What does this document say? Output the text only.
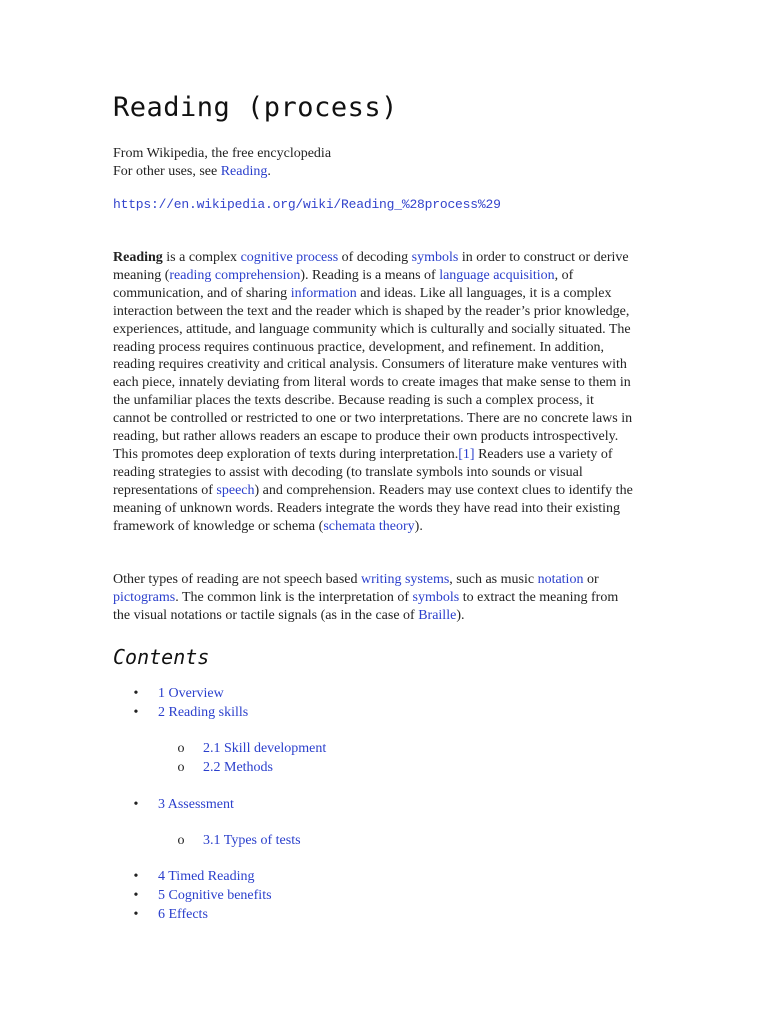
Reading (process)
From Wikipedia, the free encyclopedia
For other uses, see Reading.
https://en.wikipedia.org/wiki/Reading_%28process%29

Reading is a complex cognitive process of decoding symbols in order to construct or derive meaning (reading comprehension). Reading is a means of language acquisition, of communication, and of sharing information and ideas. Like all languages, it is a complex interaction between the text and the reader which is shaped by the reader’s prior knowledge, experiences, attitude, and language community which is culturally and socially situated. The reading process requires continuous practice, development, and refinement. In addition, reading requires creativity and critical analysis. Consumers of literature make ventures with each piece, innately deviating from literal words to create images that make sense to them in the unfamiliar places the texts describe. Because reading is such a complex process, it cannot be controlled or restricted to one or two interpretations. There are no concrete laws in reading, but rather allows readers an escape to produce their own products introspectively. This promotes deep exploration of texts during interpretation.[1] Readers use a variety of reading strategies to assist with decoding (to translate symbols into sounds or visual representations of speech) and comprehension. Readers may use context clues to identify the meaning of unknown words. Readers integrate the words they have read into their existing framework of knowledge or schema (schemata theory).

Other types of reading are not speech based writing systems, such as music notation or pictograms. The common link is the interpretation of symbols to extract the meaning from the visual notations or tactile signals (as in the case of Braille).

Contents
• 1 Overview
• 2 Reading skills
o 2.1 Skill development
o 2.2 Methods
• 3 Assessment
o 3.1 Types of tests
• 4 Timed Reading
• 5 Cognitive benefits
• 6 Effects
